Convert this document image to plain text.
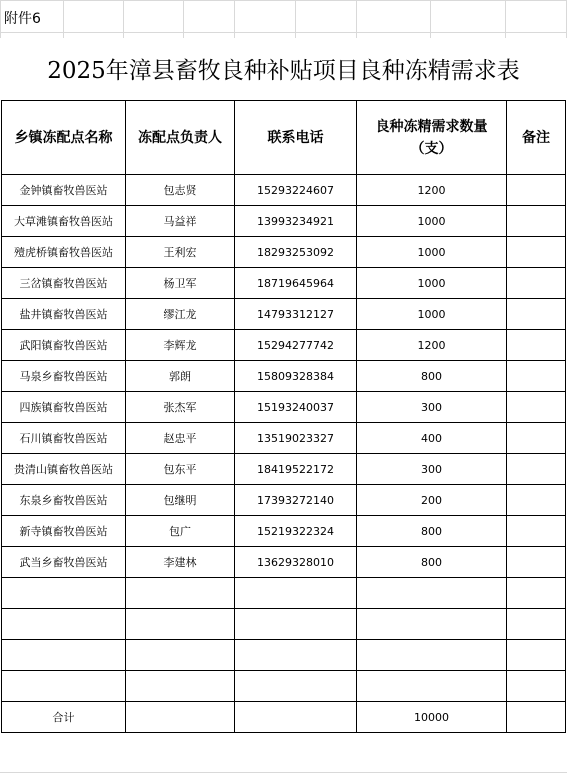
附件6
2025年漳县畜牧良种补贴项目良种冻精需求表
乡镇冻配点名称	冻配点负责人	联系电话	良种冻精需求数量（支）	备注
金钟镇畜牧兽医站	包志贤	15293224607	1200	
大草滩镇畜牧兽医站	马益祥	13993234921	1000	
殪虎桥镇畜牧兽医站	王利宏	18293253092	1000	
三岔镇畜牧兽医站	杨卫军	18719645964	1000	
盐井镇畜牧兽医站	缪江龙	14793312127	1000	
武阳镇畜牧兽医站	李辉龙	15294277742	1200	
马泉乡畜牧兽医站	郭朗	15809328384	800	
四族镇畜牧兽医站	张杰军	15193240037	300	
石川镇畜牧兽医站	赵忠平	13519023327	400	
贵清山镇畜牧兽医站	包东平	18419522172	300	
东泉乡畜牧兽医站	包继明	17393272140	200	
新寺镇畜牧兽医站	包广	15219322324	800	
武当乡畜牧兽医站	李建林	13629328010	800	

合计			10000	
